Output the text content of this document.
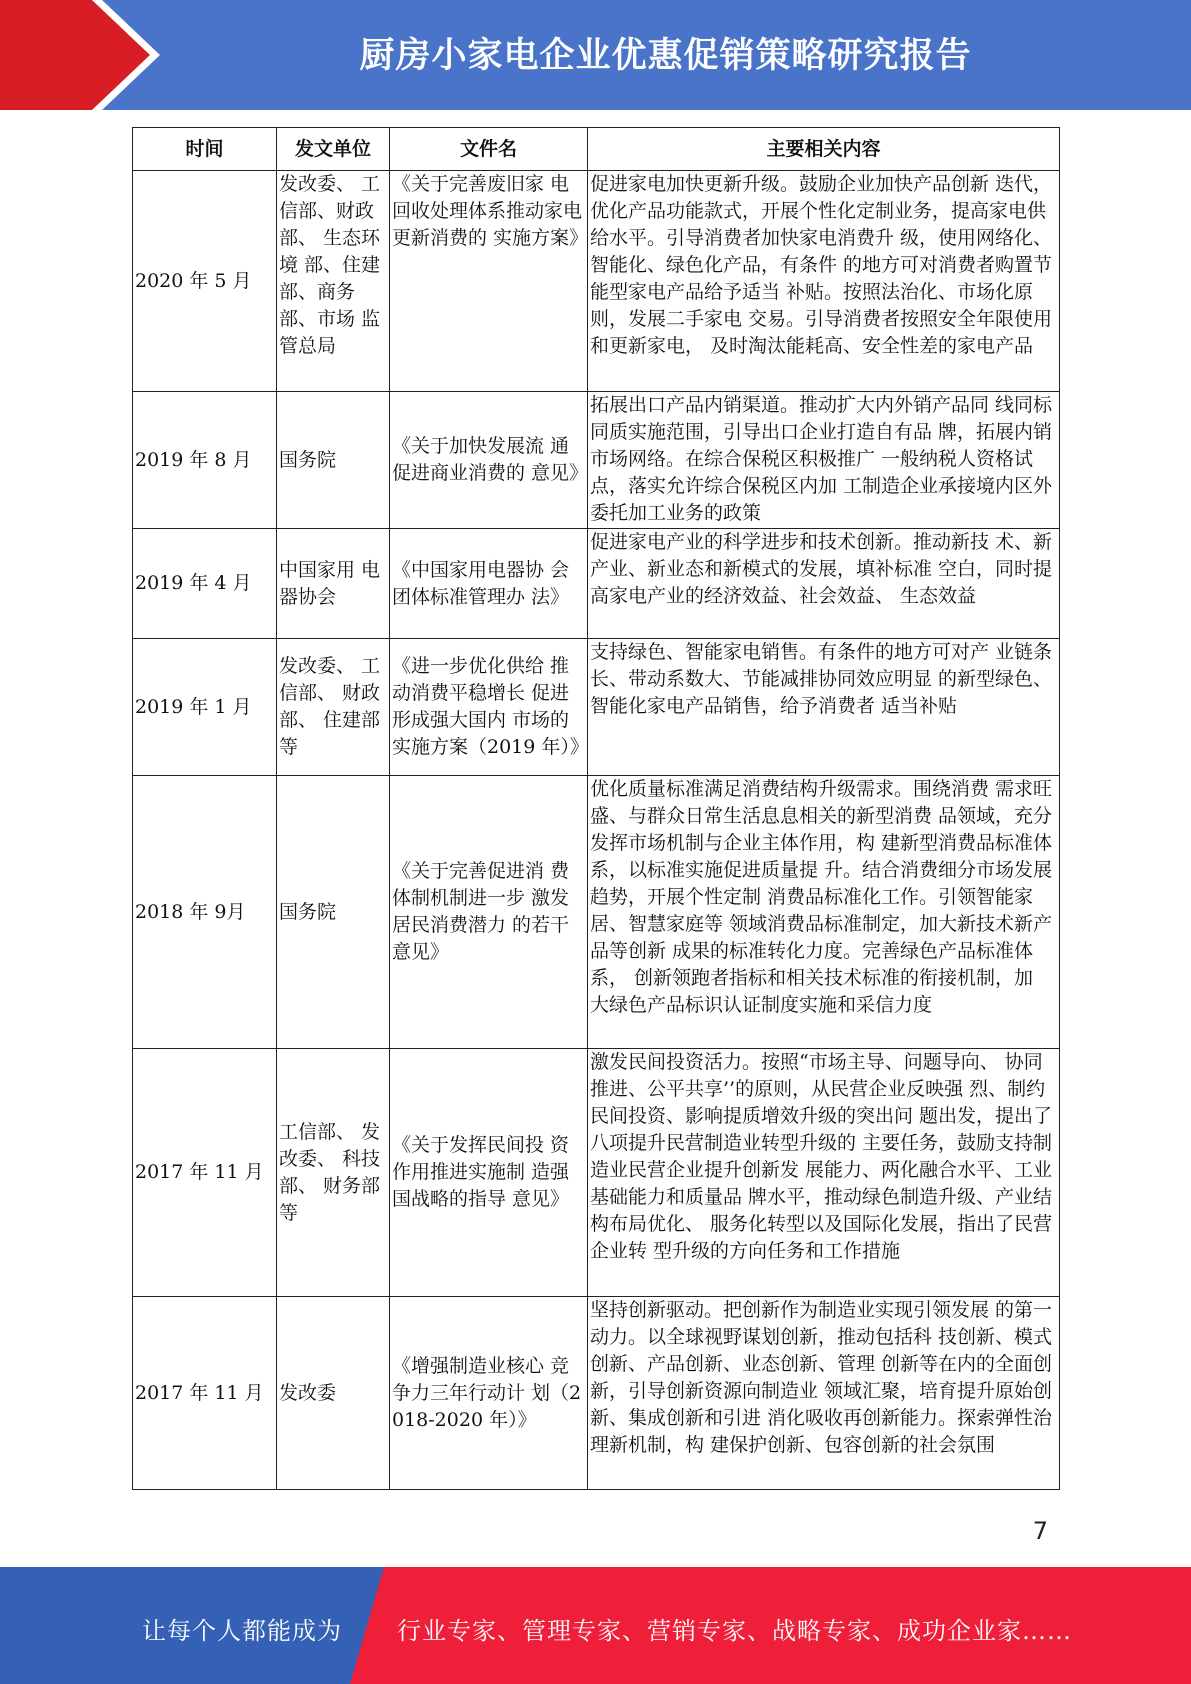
厨房小家电企业优惠促销策略研究报告
时间	发文单位	文件名	主要相关内容
2020 年 5 月	发改委、 工信部、财政部、 生态环境 部、住建部、商务部、市场 监管总局	《关于完善废旧家 电回收处理体系推动家电更新消费的 实施方案》	促进家电加快更新升级。鼓励企业加快产品创新 迭代，优化产品功能款式，开展个性化定制业务，提高家电供给水平。引导消费者加快家电消费升 级，使用网络化、智能化、绿色化产品，有条件 的地方可对消费者购置节能型家电产品给予适当 补贴。按照法治化、市场化原则，发展二手家电 交易。引导消费者按照安全年限使用和更新家电， 及时淘汰能耗高、安全性差的家电产品
2019 年 8 月	国务院	《关于加快发展流 通促进商业消费的 意见》	拓展出口产品内销渠道。推动扩大内外销产品同 线同标同质实施范围，引导出口企业打造自有品 牌，拓展内销市场网络。在综合保税区积极推广 一般纳税人资格试点，落实允许综合保税区内加 工制造企业承接境内区外委托加工业务的政策
2019 年 4 月	中国家用 电器协会	《中国家用电器协 会团体标准管理办 法》	促进家电产业的科学进步和技术创新。推动新技 术、新产业、新业态和新模式的发展，填补标准 空白，同时提高家电产业的经济效益、社会效益、 生态效益
2019 年 1 月	发改委、 工信部、 财政部、 住建部等	《进一步优化供给 推动消费平稳增长 促进形成强大国内 市场的实施方案（2019 年）》	支持绿色、智能家电销售。有条件的地方可对产 业链条长、带动系数大、节能减排协同效应明显 的新型绿色、智能化家电产品销售，给予消费者 适当补贴
2018 年 9月	国务院	《关于完善促进消 费体制机制进一步 激发居民消费潜力 的若干意见》	优化质量标准满足消费结构升级需求。围绕消费 需求旺盛、与群众日常生活息息相关的新型消费 品领域，充分发挥市场机制与企业主体作用，构 建新型消费品标准体系，以标准实施促进质量提 升。结合消费细分市场发展趋势，开展个性定制 消费品标准化工作。引领智能家居、智慧家庭等 领域消费品标准制定，加大新技术新产品等创新 成果的标准转化力度。完善绿色产品标准体系， 创新领跑者指标和相关技术标准的衔接机制，加 大绿色产品标识认证制度实施和采信力度
2017 年 11 月	工信部、 发改委、 科技部、 财务部等	《关于发挥民间投 资作用推进实施制 造强国战略的指导 意见》	激发民间投资活力。按照“市场主导、问题导向、 协同推进、公平共享’’的原则，从民营企业反映强 烈、制约民间投资、影响提质增效升级的突出问 题出发，提出了八项提升民营制造业转型升级的 主要任务，鼓励支持制造业民营企业提升创新发 展能力、两化融合水平、工业基础能力和质量品 牌水平，推动绿色制造升级、产业结构布局优化、 服务化转型以及国际化发展，指出了民营企业转 型升级的方向任务和工作措施
2017 年 11 月	发改委	《增强制造业核心 竞争力三年行动计 划（2018-2020 年）》	坚持创新驱动。把创新作为制造业实现引领发展 的第一动力。以全球视野谋划创新，推动包括科 技创新、模式创新、产品创新、业态创新、管理 创新等在内的全面创新，引导创新资源向制造业 领域汇聚，培育提升原始创新、集成创新和引进 消化吸收再创新能力。探索弹性治理新机制，构 建保护创新、包容创新的社会氛围
7
让每个人都能成为 行业专家、管理专家、营销专家、战略专家、成功企业家……
